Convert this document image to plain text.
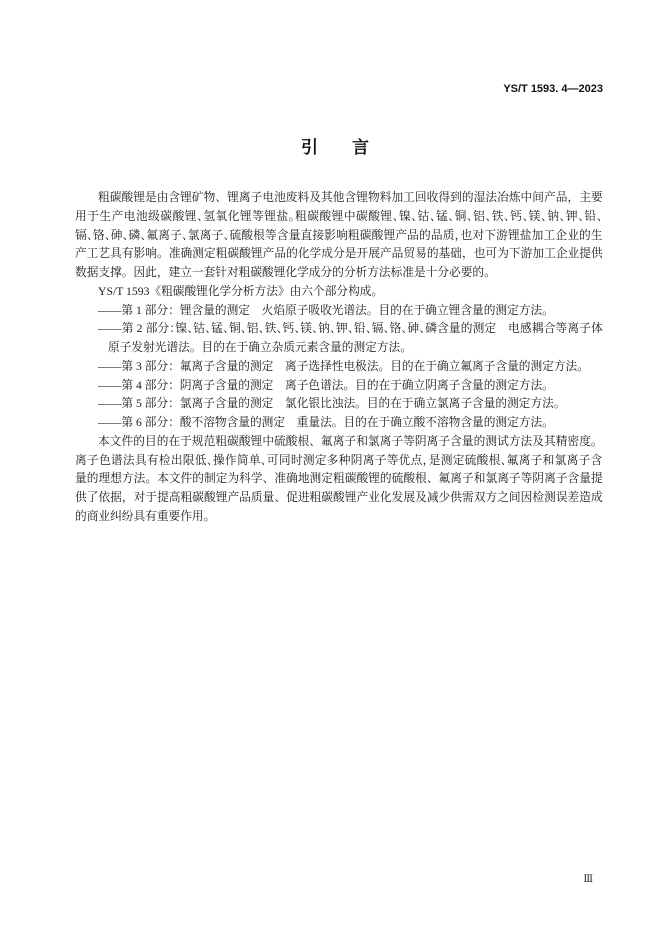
YS/T 1593. 4—2023
引　　言
粗碳酸锂是由含锂矿物、锂离子电池废料及其他含锂物料加工回收得到的湿法冶炼中间产品，主要
用于生产电池级碳酸锂、氢氧化锂等锂盐。粗碳酸锂中碳酸锂、镍、钴、锰、铜、铝、铁、钙、镁、钠、钾、铅、
镉、铬、砷、磷、氟离子、氯离子、硫酸根等含量直接影响粗碳酸锂产品的品质，也对下游锂盐加工企业的生
产工艺具有影响。准确测定粗碳酸锂产品的化学成分是开展产品贸易的基础，也可为下游加工企业提供
数据支撑。因此，建立一套针对粗碳酸锂化学成分的分析方法标准是十分必要的。
YS/T 1593《粗碳酸锂化学分析方法》由六个部分构成。
——第 1 部分：锂含量的测定　火焰原子吸收光谱法。目的在于确立锂含量的测定方法。
——第 2 部分：镍、钴、锰、铜、铝、铁、钙、镁、钠、钾、铅、镉、铬、砷、磷含量的测定　电感耦合等离子体
原子发射光谱法。目的在于确立杂质元素含量的测定方法。
——第 3 部分：氟离子含量的测定　离子选择性电极法。目的在于确立氟离子含量的测定方法。
——第 4 部分：阴离子含量的测定　离子色谱法。目的在于确立阴离子含量的测定方法。
——第 5 部分：氯离子含量的测定　氯化银比浊法。目的在于确立氯离子含量的测定方法。
——第 6 部分：酸不溶物含量的测定　重量法。目的在于确立酸不溶物含量的测定方法。
本文件的目的在于规范粗碳酸锂中硫酸根、氟离子和氯离子等阴离子含量的测试方法及其精密度。
离子色谱法具有检出限低、操作简单、可同时测定多种阴离子等优点，是测定硫酸根、氟离子和氯离子含
量的理想方法。本文件的制定为科学、准确地测定粗碳酸锂的硫酸根、氟离子和氯离子等阴离子含量提
供了依据，对于提高粗碳酸锂产品质量、促进粗碳酸锂产业化发展及减少供需双方之间因检测误差造成
的商业纠纷具有重要作用。
Ⅲ
